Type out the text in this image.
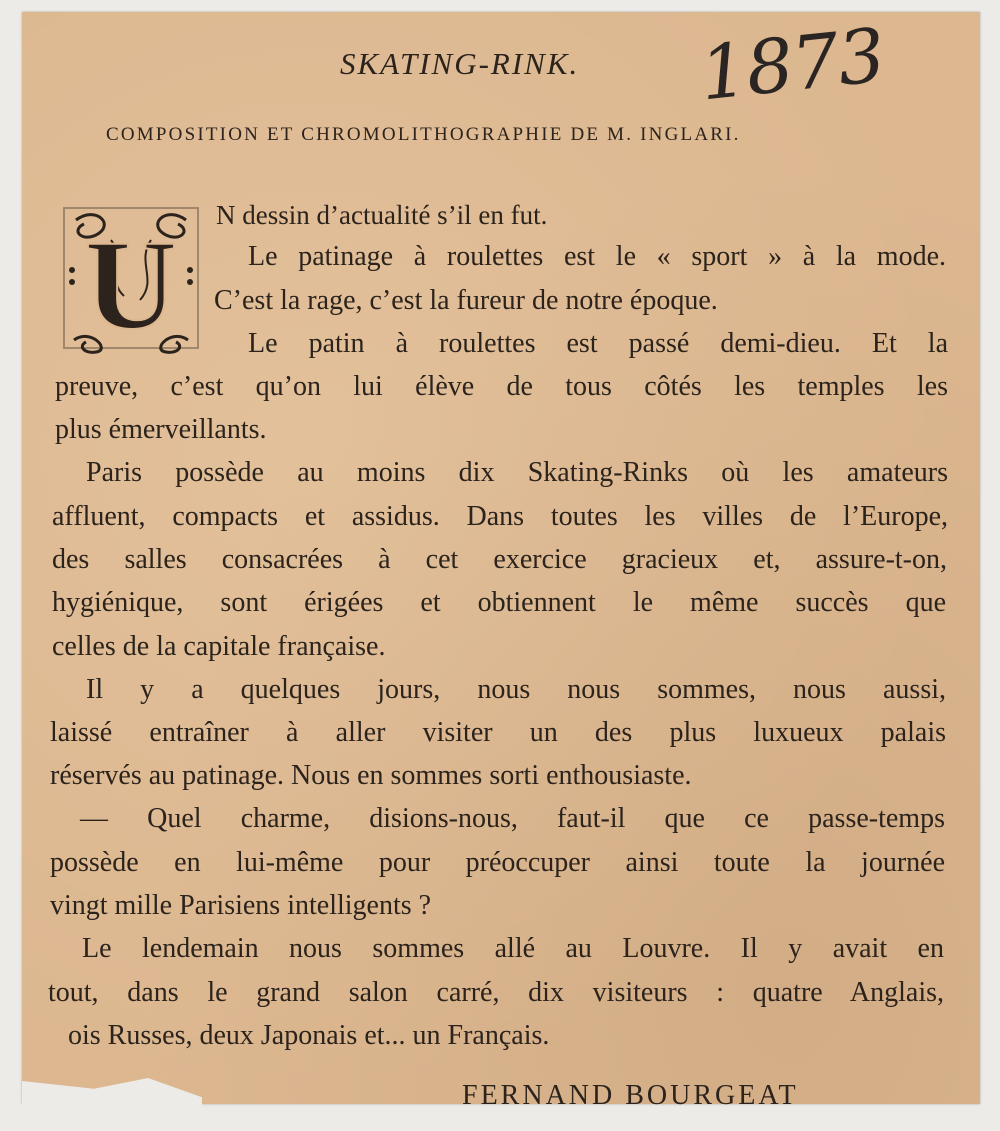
SKATING-RINK. 1873
COMPOSITION ET CHROMOLITHOGRAPHIE DE M. INGLARI.
U N dessin d’actualité s’il en fut.
Le patinage à roulettes est le « sport » à la mode.
C’est la rage, c’est la fureur de notre époque.
Le patin à roulettes est passé demi-dieu. Et la
preuve, c’est qu’on lui élève de tous côtés les temples les
plus émerveillants.
Paris possède au moins dix Skating-Rinks où les amateurs
affluent, compacts et assidus. Dans toutes les villes de l’Europe,
des salles consacrées à cet exercice gracieux et, assure-t-on,
hygiénique, sont érigées et obtiennent le même succès que
celles de la capitale française.
Il y a quelques jours, nous nous sommes, nous aussi,
laissé entraîner à aller visiter un des plus luxueux palais
réservés au patinage. Nous en sommes sorti enthousiaste.
— Quel charme, disions-nous, faut-il que ce passe-temps
possède en lui-même pour préoccuper ainsi toute la journée
vingt mille Parisiens intelligents ?
Le lendemain nous sommes allé au Louvre. Il y avait en
tout, dans le grand salon carré, dix visiteurs : quatre Anglais,
ois Russes, deux Japonais et... un Français.
FERNAND BOURGEAT
